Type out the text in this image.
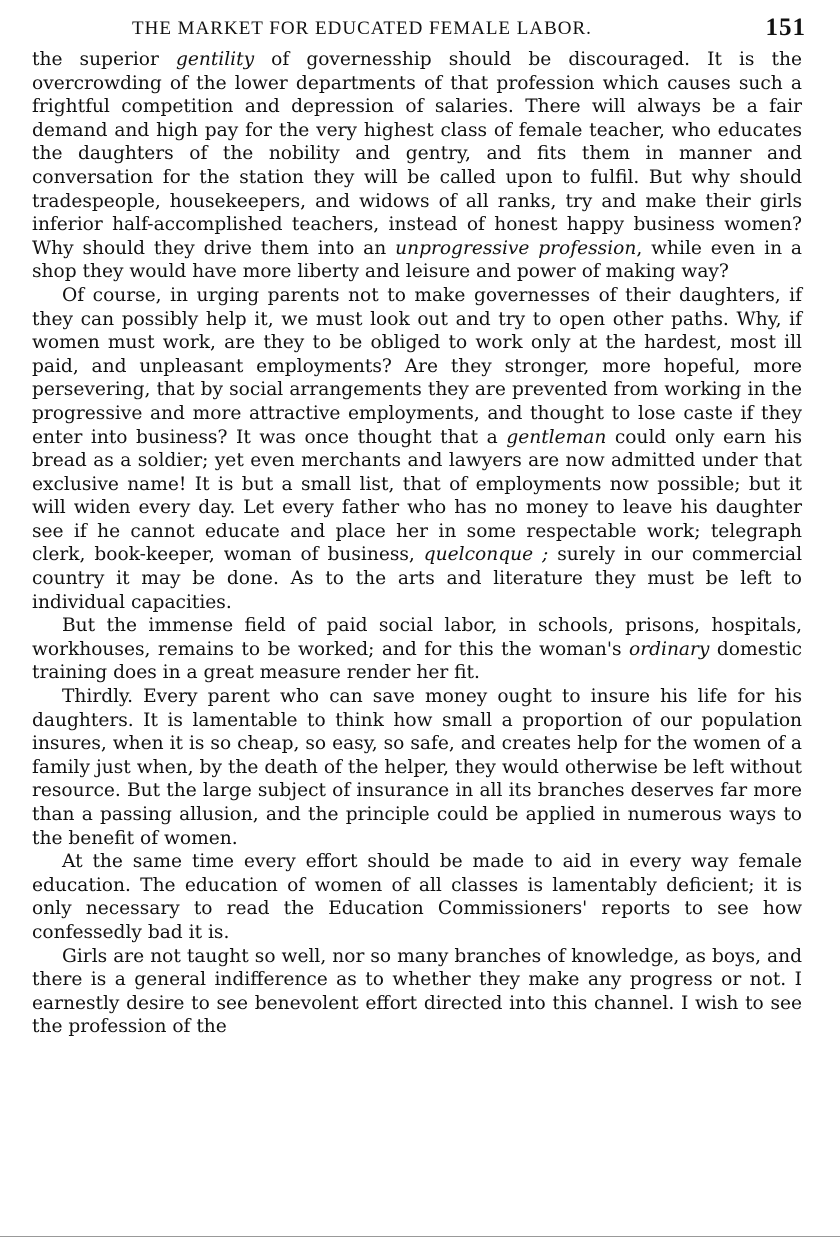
THE MARKET FOR EDUCATED FEMALE LABOR.	151

the superior gentility of governesship should be discouraged. It is the overcrowding of the lower departments of that profession which causes such a frightful competition and depression of salaries. There will always be a fair demand and high pay for the very highest class of female teacher, who educates the daughters of the nobility and gentry, and fits them in manner and conversation for the station they will be called upon to fulfil. But why should tradespeople, housekeepers, and widows of all ranks, try and make their girls inferior half-accomplished teachers, instead of honest happy business women? Why should they drive them into an unprogressive profession, while even in a shop they would have more liberty and leisure and power of making way?

Of course, in urging parents not to make governesses of their daughters, if they can possibly help it, we must look out and try to open other paths. Why, if women must work, are they to be obliged to work only at the hardest, most ill paid, and unpleasant employments? Are they stronger, more hopeful, more persevering, that by social arrangements they are prevented from working in the progressive and more attractive employments, and thought to lose caste if they enter into business? It was once thought that a gentleman could only earn his bread as a soldier; yet even merchants and lawyers are now admitted under that exclusive name! It is but a small list, that of employments now possible; but it will widen every day. Let every father who has no money to leave his daughter see if he cannot educate and place her in some respectable work; telegraph clerk, book-keeper, woman of business, quelconque ; surely in our commercial country it may be done. As to the arts and literature they must be left to individual capacities.

But the immense field of paid social labor, in schools, prisons, hospitals, workhouses, remains to be worked; and for this the woman's ordinary domestic training does in a great measure render her fit.

Thirdly. Every parent who can save money ought to insure his life for his daughters. It is lamentable to think how small a proportion of our population insures, when it is so cheap, so easy, so safe, and creates help for the women of a family just when, by the death of the helper, they would otherwise be left without resource. But the large subject of insurance in all its branches deserves far more than a passing allusion, and the principle could be applied in numerous ways to the benefit of women.

At the same time every effort should be made to aid in every way female education. The education of women of all classes is lamentably deficient; it is only necessary to read the Education Commissioners' reports to see how confessedly bad it is.

Girls are not taught so well, nor so many branches of knowledge, as boys, and there is a general indifference as to whether they make any progress or not. I earnestly desire to see benevolent effort directed into this channel. I wish to see the profession of the
